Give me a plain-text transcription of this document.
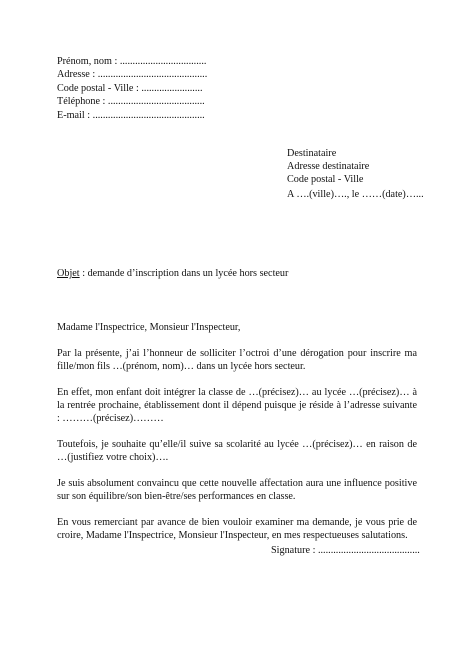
Prénom, nom : ..................................
Adresse : ...........................................
Code postal - Ville : ........................
Téléphone : ......................................
E-mail : ............................................
Destinataire
Adresse destinataire
Code postal - Ville
A ….(ville)…., le ……(date)…...
Objet : demande d’inscription dans un lycée hors secteur

Madame l'Inspectrice, Monsieur l'Inspecteur,

Par la présente, j’ai l’honneur de solliciter l’octroi d’une dérogation pour inscrire ma fille/mon fils …(prénom, nom)… dans un lycée hors secteur.

En effet, mon enfant doit intégrer la classe de …(précisez)… au lycée …(précisez)… à la rentrée prochaine, établissement dont il dépend puisque je réside à l’adresse suivante : ………(précisez)………

Toutefois, je souhaite qu’elle/il suive sa scolarité au lycée …(précisez)… en raison de …(justifiez votre choix)….

Je suis absolument convaincu que cette nouvelle affectation aura une influence positive sur son équilibre/son bien-être/ses performances en classe.

En vous remerciant par avance de bien vouloir examiner ma demande, je vous prie de croire, Madame l'Inspectrice, Monsieur l'Inspecteur, en mes respectueuses salutations.

Signature : ........................................
